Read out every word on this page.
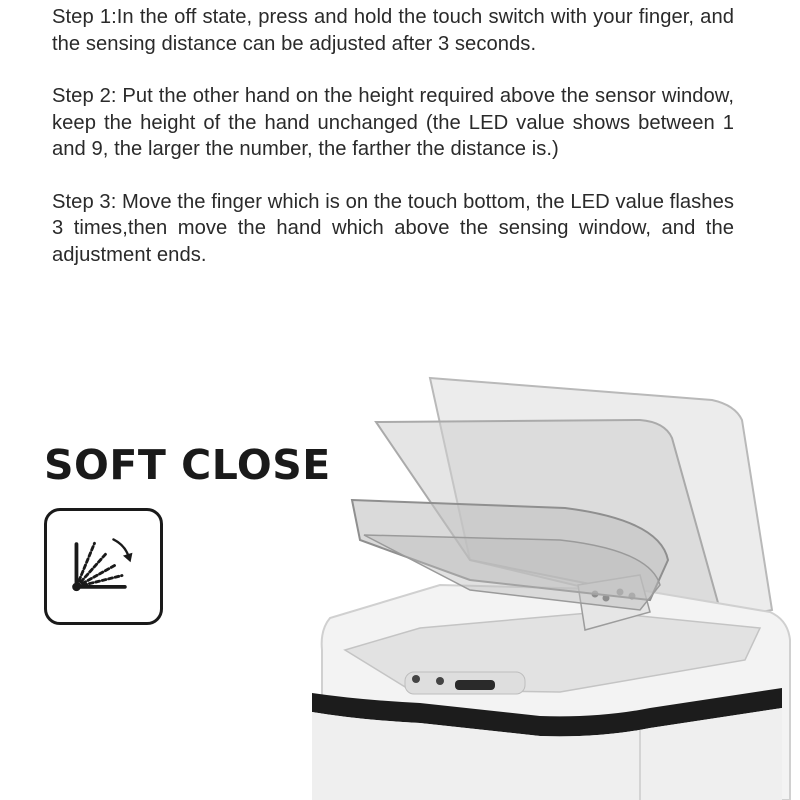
Step 1:In the off state, press and hold the touch switch with your finger, and the sensing distance can be adjusted after 3 seconds.

Step 2: Put the other hand on the height required above the sensor window, keep the height of the hand unchanged (the LED value shows between 1 and 9, the larger the number, the farther the distance is.)

Step 3: Move the finger which is on the touch bottom, the LED value flashes 3 times,then move the hand which above the sensing window, and the adjustment ends.

SOFT CLOSE
